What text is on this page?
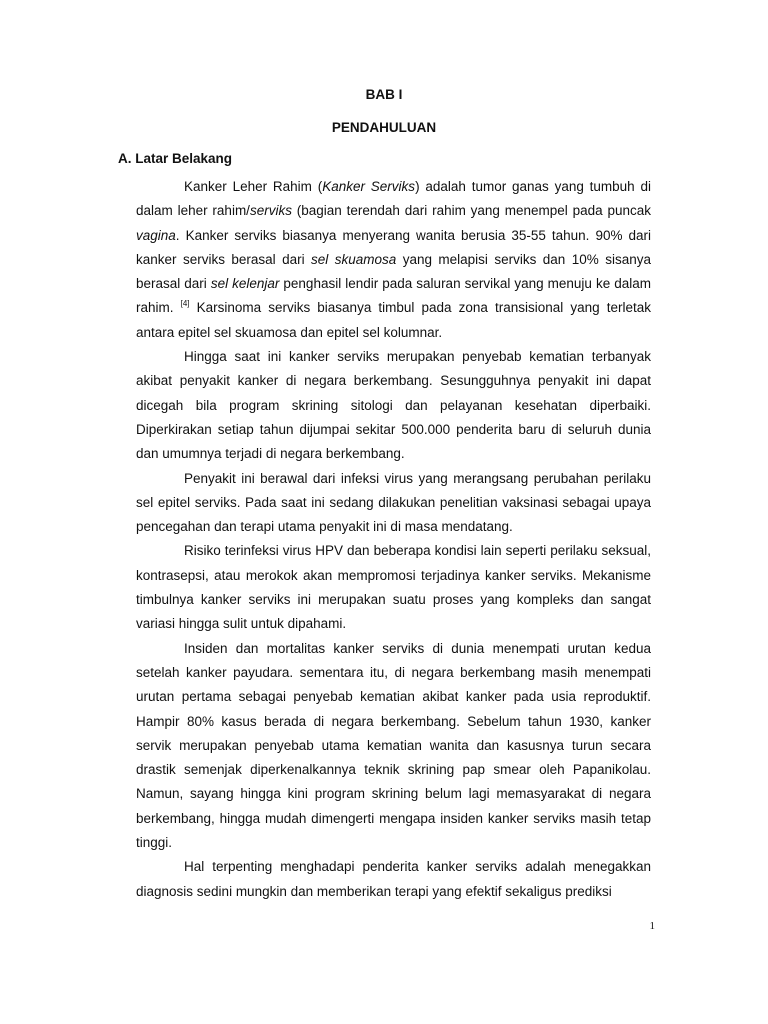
BAB I
PENDAHULUAN
A. Latar Belakang

Kanker Leher Rahim (Kanker Serviks) adalah tumor ganas yang tumbuh di dalam leher rahim/serviks (bagian terendah dari rahim yang menempel pada puncak vagina. Kanker serviks biasanya menyerang wanita berusia 35-55 tahun. 90% dari kanker serviks berasal dari sel skuamosa yang melapisi serviks dan 10% sisanya berasal dari sel kelenjar penghasil lendir pada saluran servikal yang menuju ke dalam rahim. [4] Karsinoma serviks biasanya timbul pada zona transisional yang terletak antara epitel sel skuamosa dan epitel sel kolumnar.

Hingga saat ini kanker serviks merupakan penyebab kematian terbanyak akibat penyakit kanker di negara berkembang. Sesungguhnya penyakit ini dapat dicegah bila program skrining sitologi dan pelayanan kesehatan diperbaiki. Diperkirakan setiap tahun dijumpai sekitar 500.000 penderita baru di seluruh dunia dan umumnya terjadi di negara berkembang.

Penyakit ini berawal dari infeksi virus yang merangsang perubahan perilaku sel epitel serviks. Pada saat ini sedang dilakukan penelitian vaksinasi sebagai upaya pencegahan dan terapi utama penyakit ini di masa mendatang.

Risiko terinfeksi virus HPV dan beberapa kondisi lain seperti perilaku seksual, kontrasepsi, atau merokok akan mempromosi terjadinya kanker serviks. Mekanisme timbulnya kanker serviks ini merupakan suatu proses yang kompleks dan sangat variasi hingga sulit untuk dipahami.

Insiden dan mortalitas kanker serviks di dunia menempati urutan kedua setelah kanker payudara. sementara itu, di negara berkembang masih menempati urutan pertama sebagai penyebab kematian akibat kanker pada usia reproduktif. Hampir 80% kasus berada di negara berkembang. Sebelum tahun 1930, kanker servik merupakan penyebab utama kematian wanita dan kasusnya turun secara drastik semenjak diperkenalkannya teknik skrining pap smear oleh Papanikolau. Namun, sayang hingga kini program skrining belum lagi memasyarakat di negara berkembang, hingga mudah dimengerti mengapa insiden kanker serviks masih tetap tinggi.

Hal terpenting menghadapi penderita kanker serviks adalah menegakkan diagnosis sedini mungkin dan memberikan terapi yang efektif sekaligus prediksi

1
